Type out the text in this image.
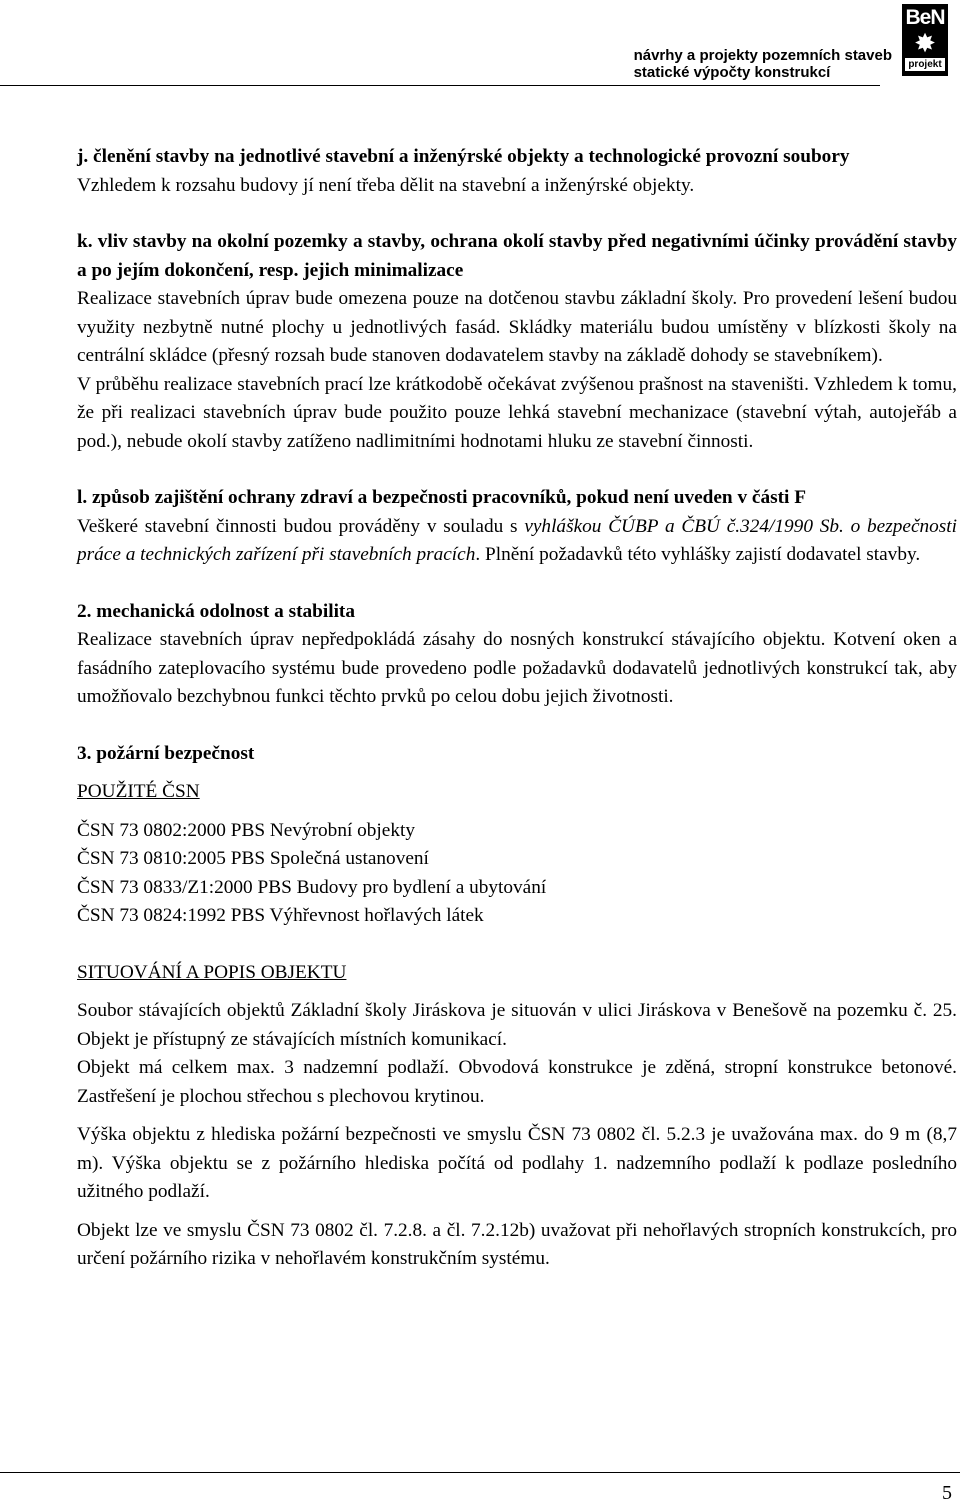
návrhy a projekty pozemních staveb
statické výpočty konstrukcí
BeN
✸
projekt

j. členění stavby na jednotlivé stavební a inženýrské objekty a technologické provozní soubory

Vzhledem k rozsahu budovy jí není třeba dělit na stavební a inženýrské objekty.

k. vliv stavby na okolní pozemky a stavby, ochrana okolí stavby před negativními účinky provádění stavby a po jejím dokončení, resp. jejich minimalizace

Realizace stavebních úprav bude omezena pouze na dotčenou stavbu základní školy. Pro provedení lešení budou využity nezbytně nutné plochy u jednotlivých fasád. Skládky materiálu budou umístěny v blízkosti školy na centrální skládce (přesný rozsah bude stanoven dodavatelem stavby na základě dohody se stavebníkem).

V průběhu realizace stavebních prací lze krátkodobě očekávat zvýšenou prašnost na staveništi. Vzhledem k tomu, že při realizaci stavebních úprav bude použito pouze lehká stavební mechanizace (stavební výtah, autojeřáb a pod.), nebude okolí stavby zatíženo nadlimitními hodnotami hluku ze stavební činnosti.

l. způsob zajištění ochrany zdraví a bezpečnosti pracovníků, pokud není uveden v části F

Veškeré stavební činnosti budou prováděny v souladu s vyhláškou ČÚBP a ČBÚ č.324/1990 Sb. o bezpečnosti práce a technických zařízení při stavebních pracích. Plnění požadavků této vyhlášky zajistí dodavatel stavby.

2. mechanická odolnost a stabilita

Realizace stavebních úprav nepředpokládá zásahy do nosných konstrukcí stávajícího objektu. Kotvení oken a fasádního zateplovacího systému bude provedeno podle požadavků dodavatelů jednotlivých konstrukcí tak, aby umožňovalo bezchybnou funkci těchto prvků po celou dobu jejich životnosti.

3. požární bezpečnost

POUŽITÉ ČSN

ČSN 73 0802:2000 PBS Nevýrobní objekty

ČSN 73 0810:2005 PBS Společná ustanovení

ČSN 73 0833/Z1:2000 PBS Budovy pro bydlení a ubytování

ČSN 73 0824:1992 PBS Výhřevnost hořlavých látek

SITUOVÁNÍ A POPIS OBJEKTU

Soubor stávajících objektů Základní školy Jiráskova je situován v ulici Jiráskova v Benešově na pozemku č. 25. Objekt je přístupný ze stávajících místních komunikací.

Objekt má celkem max. 3 nadzemní podlaží. Obvodová konstrukce je zděná, stropní konstrukce betonové. Zastřešení je plochou střechou s plechovou krytinou.

Výška objektu z hlediska požární bezpečnosti ve smyslu ČSN 73 0802 čl. 5.2.3 je uvažována max. do 9 m (8,7 m). Výška objektu se z požárního hlediska počítá od podlahy 1. nadzemního podlaží k podlaze posledního užitného podlaží.

Objekt lze ve smyslu ČSN 73 0802 čl. 7.2.8. a čl. 7.2.12b) uvažovat při nehořlavých stropních konstrukcích, pro určení požárního rizika v nehořlavém konstrukčním systému.

5
